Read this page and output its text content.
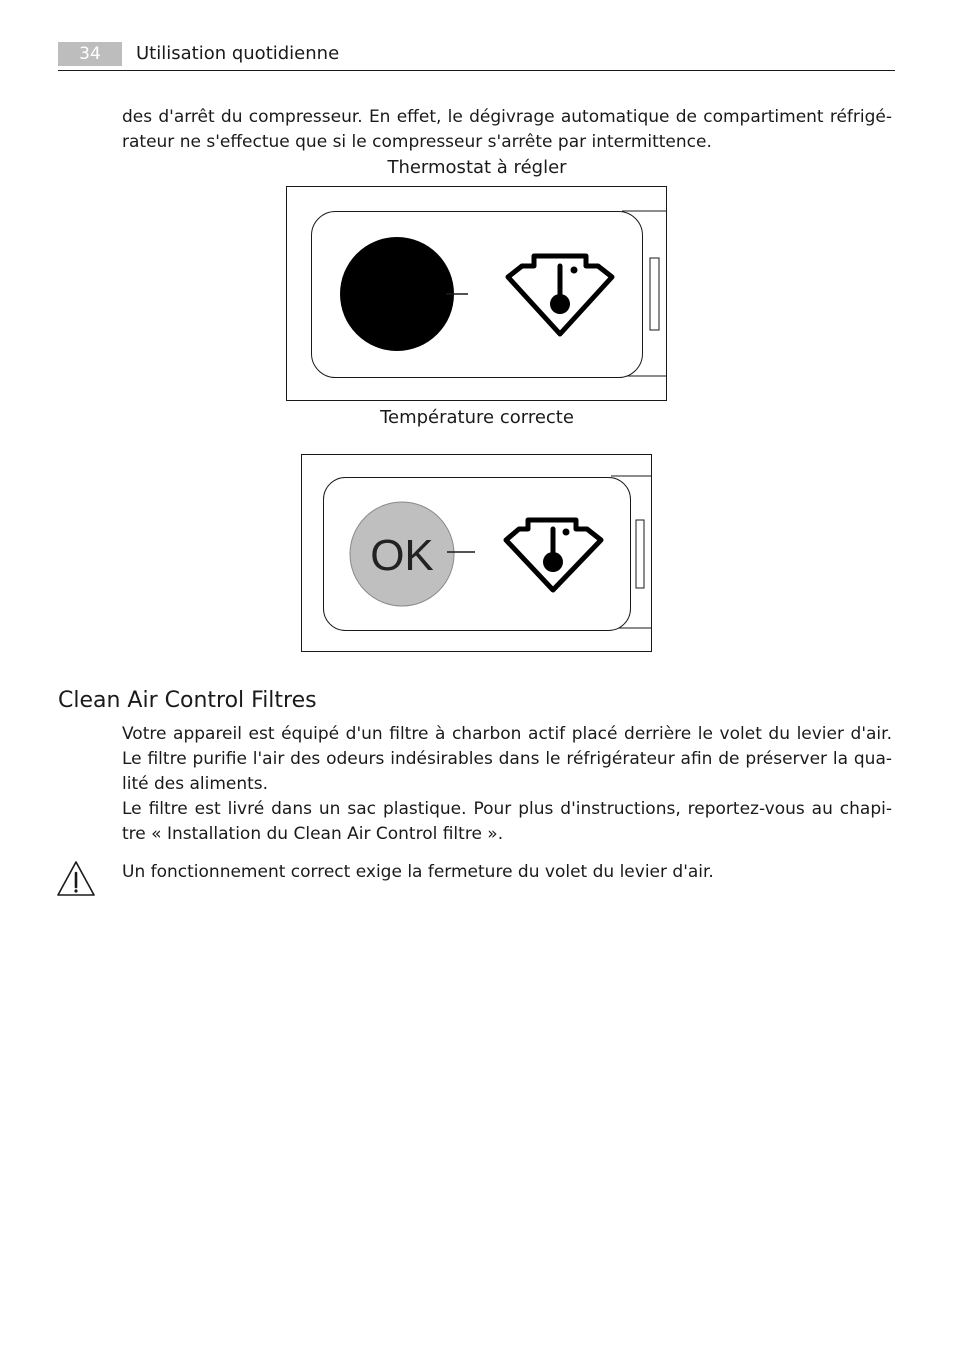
34	Utilisation quotidienne

des d'arrêt du compresseur. En effet, le dégivrage automatique de compartiment réfrigé-

rateur ne s'effectue que si le compresseur s'arrête par intermittence.

Thermostat à régler
Température correcte
OK
Clean Air Control Filtres

Votre appareil est équipé d'un filtre à charbon actif placé derrière le volet du levier d'air. Le filtre purifie l'air des odeurs indésirables dans le réfrigérateur afin de préserver la qua-lité des aliments.

Le filtre est livré dans un sac plastique. Pour plus d'instructions, reportez-vous au chapi-tre « Installation du Clean Air Control filtre ».

Un fonctionnement correct exige la fermeture du volet du levier d'air.
